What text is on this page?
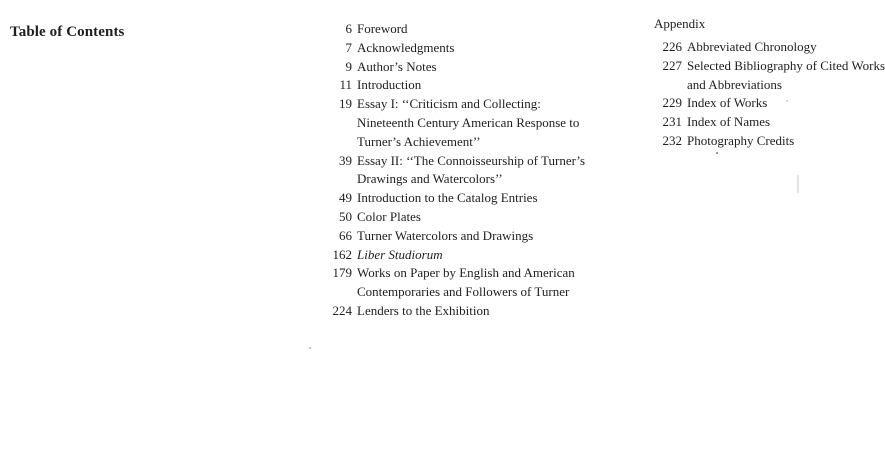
Table of Contents	6 Foreword
7 Acknowledgments
9 Author’s Notes
11 Introduction
19 Essay I: ‘‘Criticism and Collecting: Nineteenth Century American Response to Turner’s Achievement’’
39 Essay II: ‘‘The Connoisseurship of Turner’s Drawings and Watercolors’’
49 Introduction to the Catalog Entries
50 Color Plates
66 Turner Watercolors and Drawings
162 Liber Studiorum
179 Works on Paper by English and American Contemporaries and Followers of Turner
224 Lenders to the Exhibition
Appendix
226 Abbreviated Chronology
227 Selected Bibliography of Cited Works and Abbreviations
229 Index of Works
231 Index of Names
232 Photography Credits
